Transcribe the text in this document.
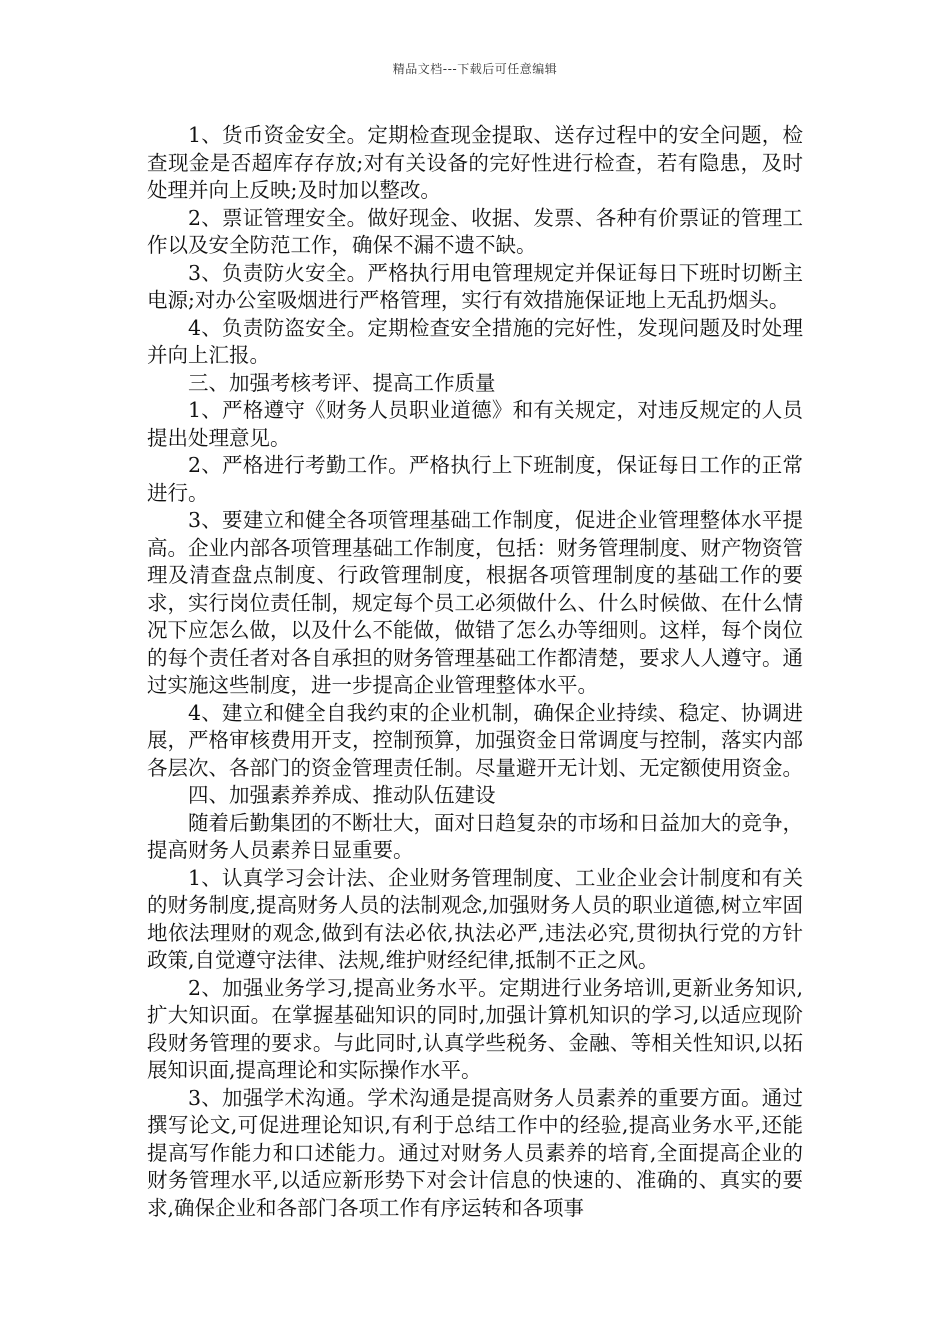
精品文档---下载后可任意编辑

1、货币资金安全。定期检查现金提取、送存过程中的安全问题，检查现金是否超库存存放;对有关设备的完好性进行检查，若有隐患，及时处理并向上反映;及时加以整改。

2、票证管理安全。做好现金、收据、发票、各种有价票证的管理工作以及安全防范工作，确保不漏不遗不缺。

3、负责防火安全。严格执行用电管理规定并保证每日下班时切断主电源;对办公室吸烟进行严格管理，实行有效措施保证地上无乱扔烟头。

4、负责防盗安全。定期检查安全措施的完好性，发现问题及时处理并向上汇报。

三、加强考核考评、提高工作质量

1、严格遵守《财务人员职业道德》和有关规定，对违反规定的人员提出处理意见。

2、严格进行考勤工作。严格执行上下班制度，保证每日工作的正常进行。

3、要建立和健全各项管理基础工作制度，促进企业管理整体水平提高。企业内部各项管理基础工作制度，包括：财务管理制度、财产物资管理及清查盘点制度、行政管理制度，根据各项管理制度的基础工作的要求，实行岗位责任制，规定每个员工必须做什么、什么时候做、在什么情况下应怎么做，以及什么不能做，做错了怎么办等细则。这样，每个岗位的每个责任者对各自承担的财务管理基础工作都清楚，要求人人遵守。通过实施这些制度，进一步提高企业管理整体水平。

4、建立和健全自我约束的企业机制，确保企业持续、稳定、协调进展，严格审核费用开支，控制预算，加强资金日常调度与控制，落实内部各层次、各部门的资金管理责任制。尽量避开无计划、无定额使用资金。

四、加强素养养成、推动队伍建设

随着后勤集团的不断壮大，面对日趋复杂的市场和日益加大的竞争，提高财务人员素养日显重要。

1、认真学习会计法、企业财务管理制度、工业企业会计制度和有关的财务制度,提高财务人员的法制观念,加强财务人员的职业道德,树立牢固地依法理财的观念,做到有法必依,执法必严,违法必究,贯彻执行党的方针政策,自觉遵守法律、法规,维护财经纪律,抵制不正之风。

2、加强业务学习,提高业务水平。定期进行业务培训,更新业务知识,扩大知识面。在掌握基础知识的同时,加强计算机知识的学习,以适应现阶段财务管理的要求。与此同时,认真学些税务、金融、等相关性知识,以拓展知识面,提高理论和实际操作水平。

3、加强学术沟通。学术沟通是提高财务人员素养的重要方面。通过撰写论文,可促进理论知识,有利于总结工作中的经验,提高业务水平,还能提高写作能力和口述能力。通过对财务人员素养的培育,全面提高企业的财务管理水平,以适应新形势下对会计信息的快速的、准确的、真实的要求,确保企业和各部门各项工作有序运转和各项事
